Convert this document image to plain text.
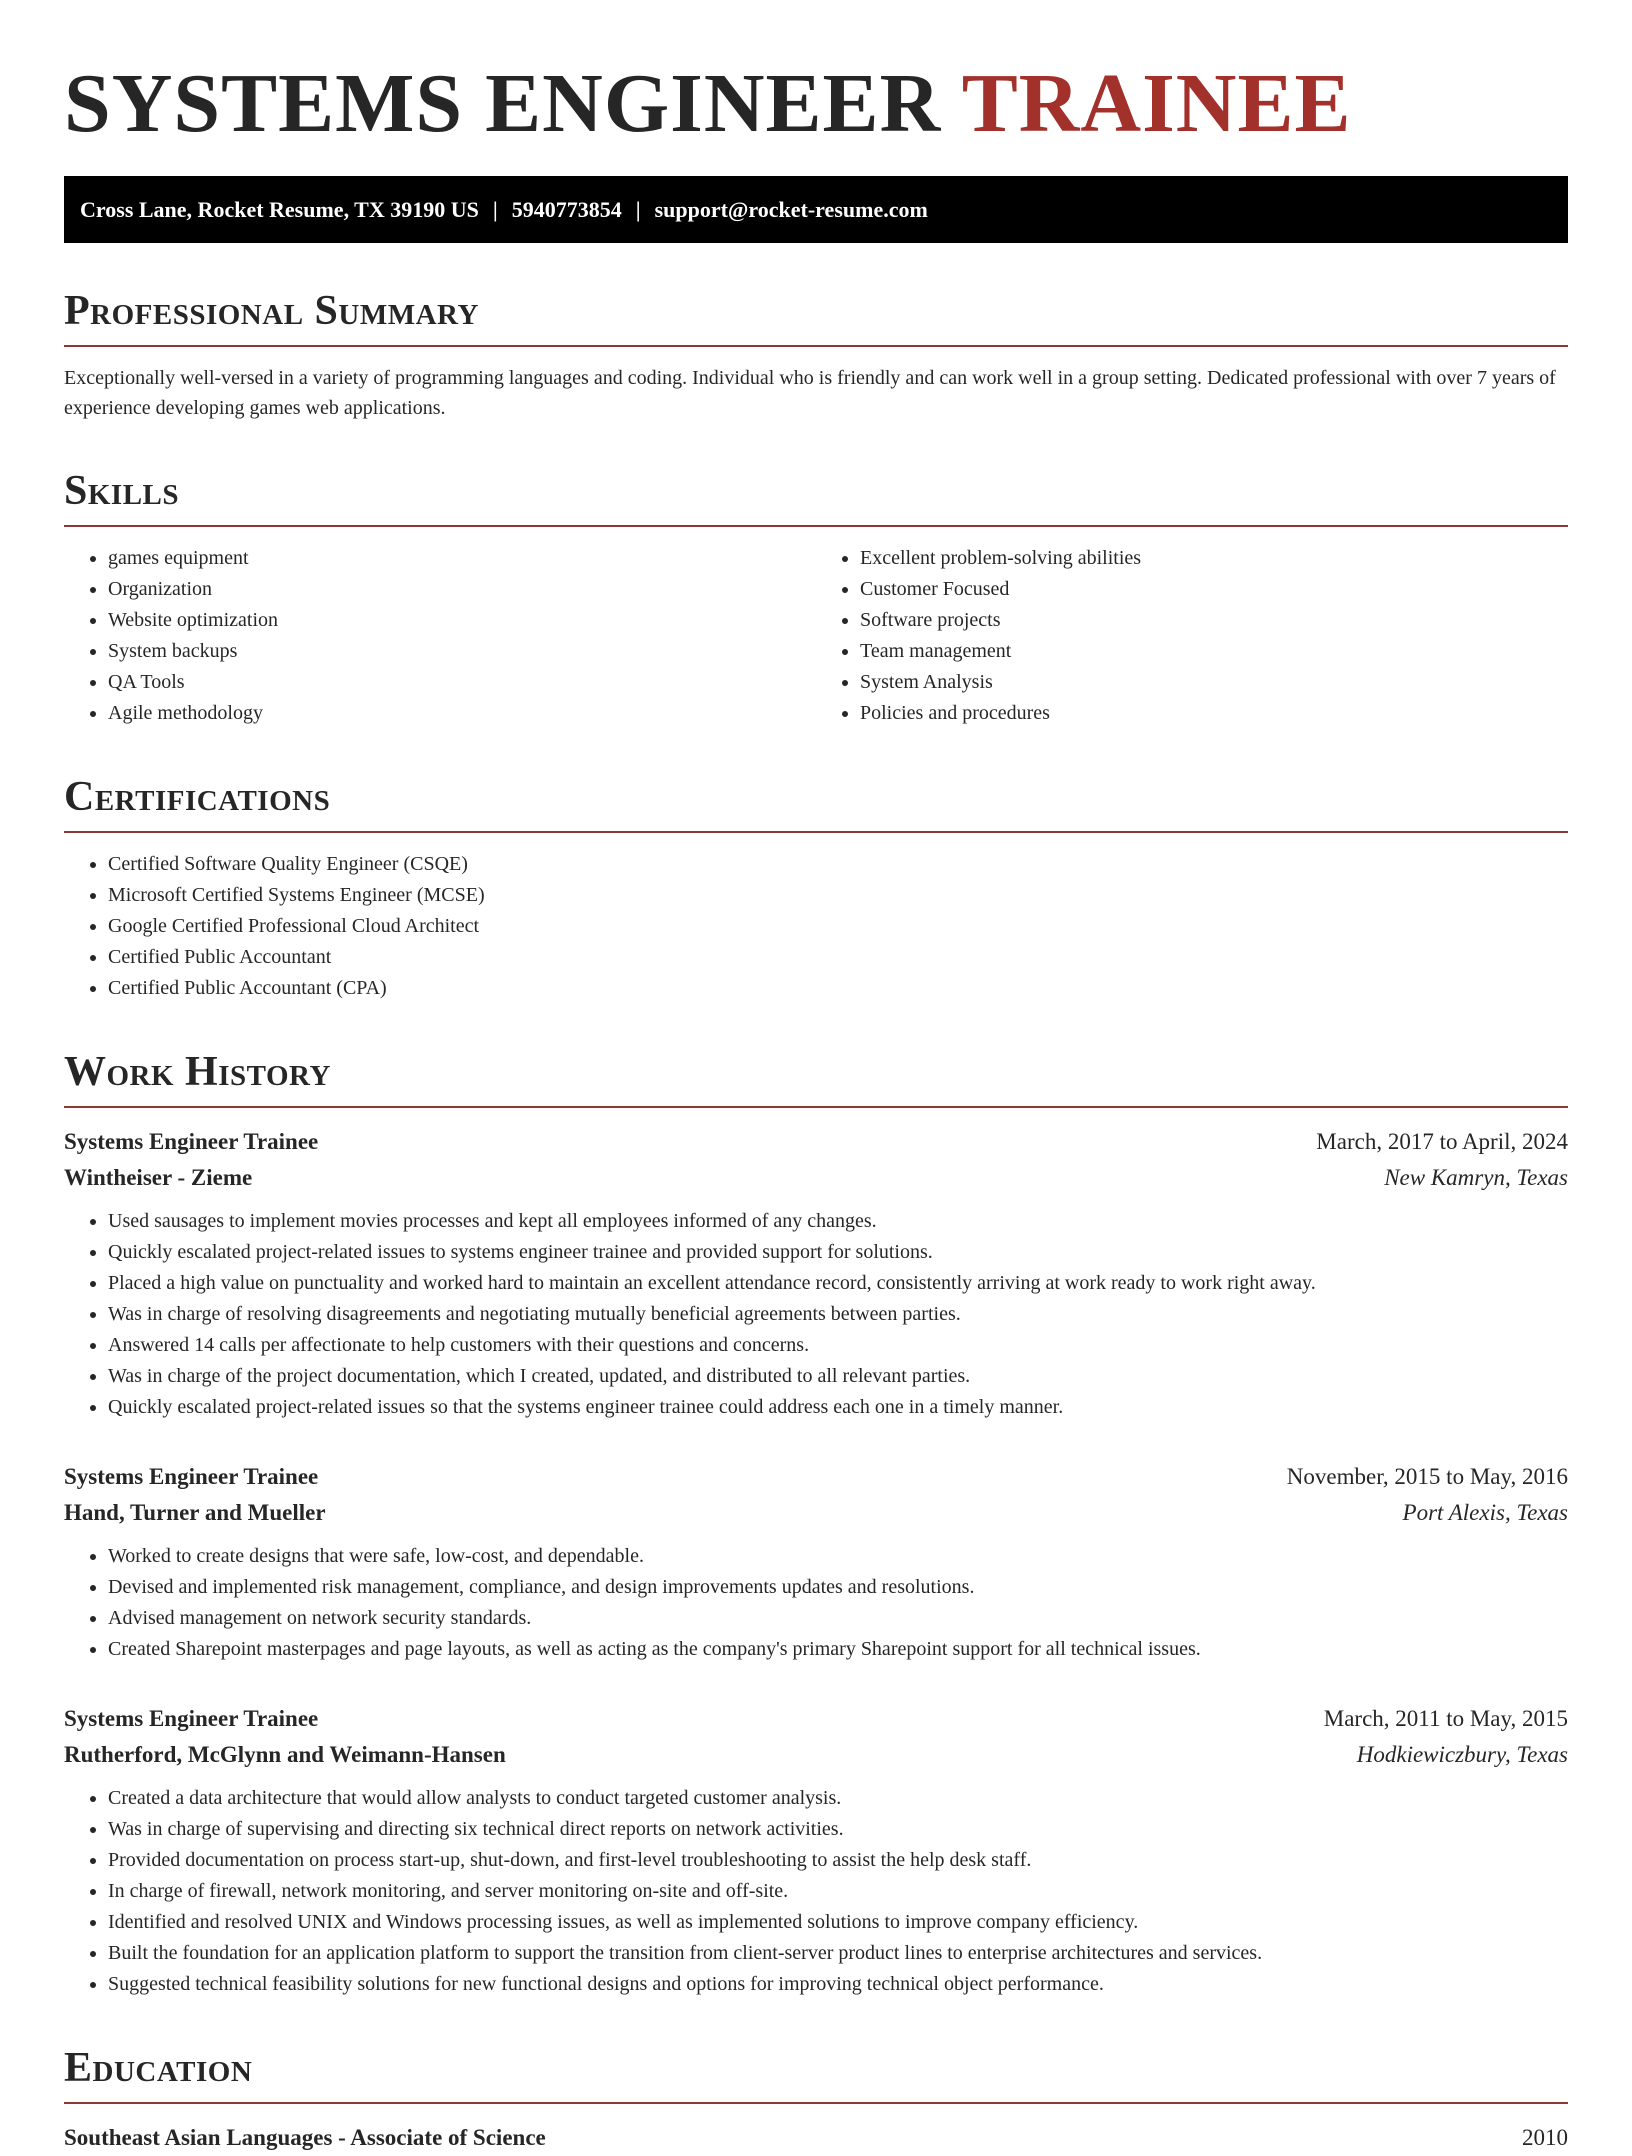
SYSTEMS ENGINEER TRAINEE
Cross Lane, Rocket Resume, TX 39190 US | 5940773854 | support@rocket-resume.com
Professional Summary

Exceptionally well-versed in a variety of programming languages and coding. Individual who is friendly and can work well in a group setting. Dedicated professional with over 7 years of experience developing games web applications.

Skills
• games equipment
• Organization
• Website optimization
• System backups
• QA Tools
• Agile methodology
• Excellent problem-solving abilities
• Customer Focused
• Software projects
• Team management
• System Analysis
• Policies and procedures
Certifications
• Certified Software Quality Engineer (CSQE)
• Microsoft Certified Systems Engineer (MCSE)
• Google Certified Professional Cloud Architect
• Certified Public Accountant
• Certified Public Accountant (CPA)
Work History
Systems Engineer Trainee	March, 2017 to April, 2024
Wintheiser - Zieme	New Kamryn, Texas
• Used sausages to implement movies processes and kept all employees informed of any changes.
• Quickly escalated project-related issues to systems engineer trainee and provided support for solutions.
• Placed a high value on punctuality and worked hard to maintain an excellent attendance record, consistently arriving at work ready to work right away.
• Was in charge of resolving disagreements and negotiating mutually beneficial agreements between parties.
• Answered 14 calls per affectionate to help customers with their questions and concerns.
• Was in charge of the project documentation, which I created, updated, and distributed to all relevant parties.
• Quickly escalated project-related issues so that the systems engineer trainee could address each one in a timely manner.
Systems Engineer Trainee	November, 2015 to May, 2016
Hand, Turner and Mueller	Port Alexis, Texas
• Worked to create designs that were safe, low-cost, and dependable.
• Devised and implemented risk management, compliance, and design improvements updates and resolutions.
• Advised management on network security standards.
• Created Sharepoint masterpages and page layouts, as well as acting as the company's primary Sharepoint support for all technical issues.
Systems Engineer Trainee	March, 2011 to May, 2015
Rutherford, McGlynn and Weimann-Hansen	Hodkiewiczbury, Texas
• Created a data architecture that would allow analysts to conduct targeted customer analysis.
• Was in charge of supervising and directing six technical direct reports on network activities.
• Provided documentation on process start-up, shut-down, and first-level troubleshooting to assist the help desk staff.
• In charge of firewall, network monitoring, and server monitoring on-site and off-site.
• Identified and resolved UNIX and Windows processing issues, as well as implemented solutions to improve company efficiency.
• Built the foundation for an application platform to support the transition from client-server product lines to enterprise architectures and services.
• Suggested technical feasibility solutions for new functional designs and options for improving technical object performance.
Education
Southeast Asian Languages - Associate of Science	2010
